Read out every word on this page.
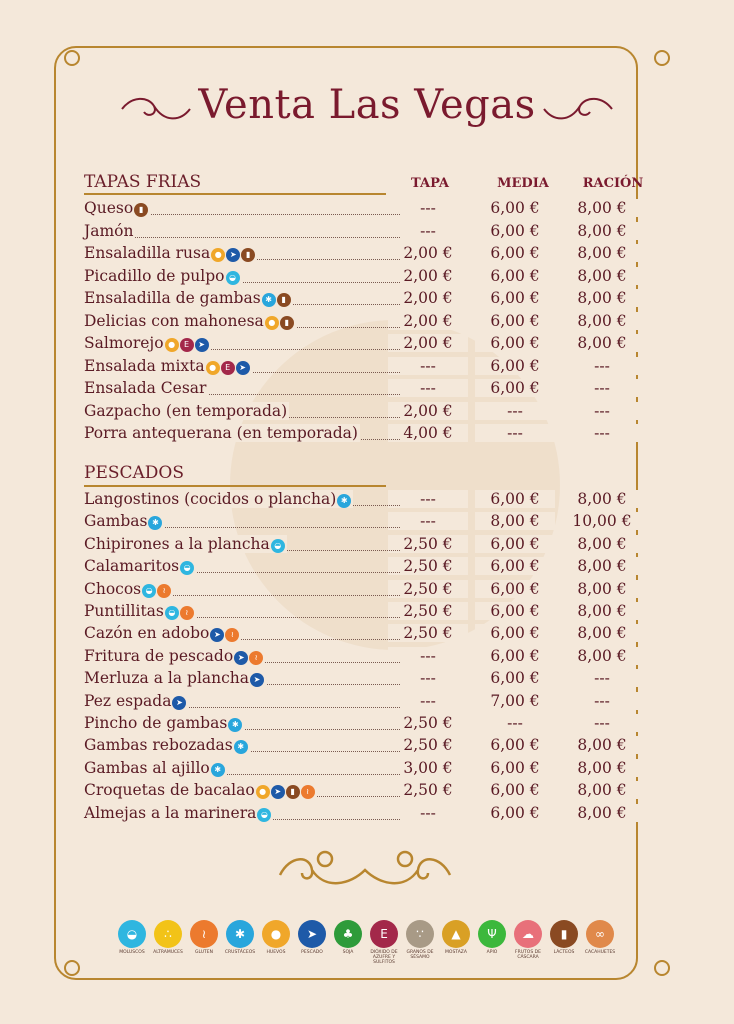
Venta Las Vegas
TAPA	MEDIA	RACIÓN
TAPAS FRIAS
Queso ▮	---	6,00 €	8,00 €
Jamón	---	6,00 €	8,00 €
Ensaladilla rusa ● ➤ ▮	2,00 €	6,00 €	8,00 €
Picadillo de pulpo ◒	2,00 €	6,00 €	8,00 €
Ensaladilla de gambas ✱ ▮	2,00 €	6,00 €	8,00 €
Delicias con mahonesa ● ▮	2,00 €	6,00 €	8,00 €
Salmorejo ● E ➤	2,00 €	6,00 €	8,00 €
Ensalada mixta ● E ➤	---	6,00 €	---
Ensalada Cesar	---	6,00 €	---
Gazpacho (en temporada)	2,00 €	---	---
Porra antequerana (en temporada)	4,00 €	---	---
PESCADOS
Langostinos (cocidos o plancha) ✱	---	6,00 €	8,00 €
Gambas ✱	---	8,00 €	10,00 €
Chipirones a la plancha ◒	2,50 €	6,00 €	8,00 €
Calamaritos ◒	2,50 €	6,00 €	8,00 €
Chocos ◒ ≀	2,50 €	6,00 €	8,00 €
Puntillitas ◒ ≀	2,50 €	6,00 €	8,00 €
Cazón en adobo ➤ ≀	2,50 €	6,00 €	8,00 €
Fritura de pescado ➤ ≀	---	6,00 €	8,00 €
Merluza a la plancha ➤	---	6,00 €	---
Pez espada ➤	---	7,00 €	---
Pincho de gambas ✱	2,50 €	---	---
Gambas rebozadas ✱	2,50 €	6,00 €	8,00 €
Gambas al ajillo ✱	3,00 €	6,00 €	8,00 €
Croquetas de bacalao ● ➤ ▮ ≀	2,50 €	6,00 €	8,00 €
Almejas a la marinera ◒	---	6,00 €	8,00 €
◒
MOLUSCOS
∴
ALTRAMUCES
≀
GLUTEN
✱
CRUSTÁCEOS
●
HUEVOS
➤
PESCADO
♣
SOJA
E
DIÓXIDO DE AZUFRE Y SULFITOS
∵
GRANOS DE SÉSAMO
▲
MOSTAZA
Ψ
APIO
☁
FRUTOS DE CÁSCARA
▮
LÁCTEOS
∞
CACAHUETES
